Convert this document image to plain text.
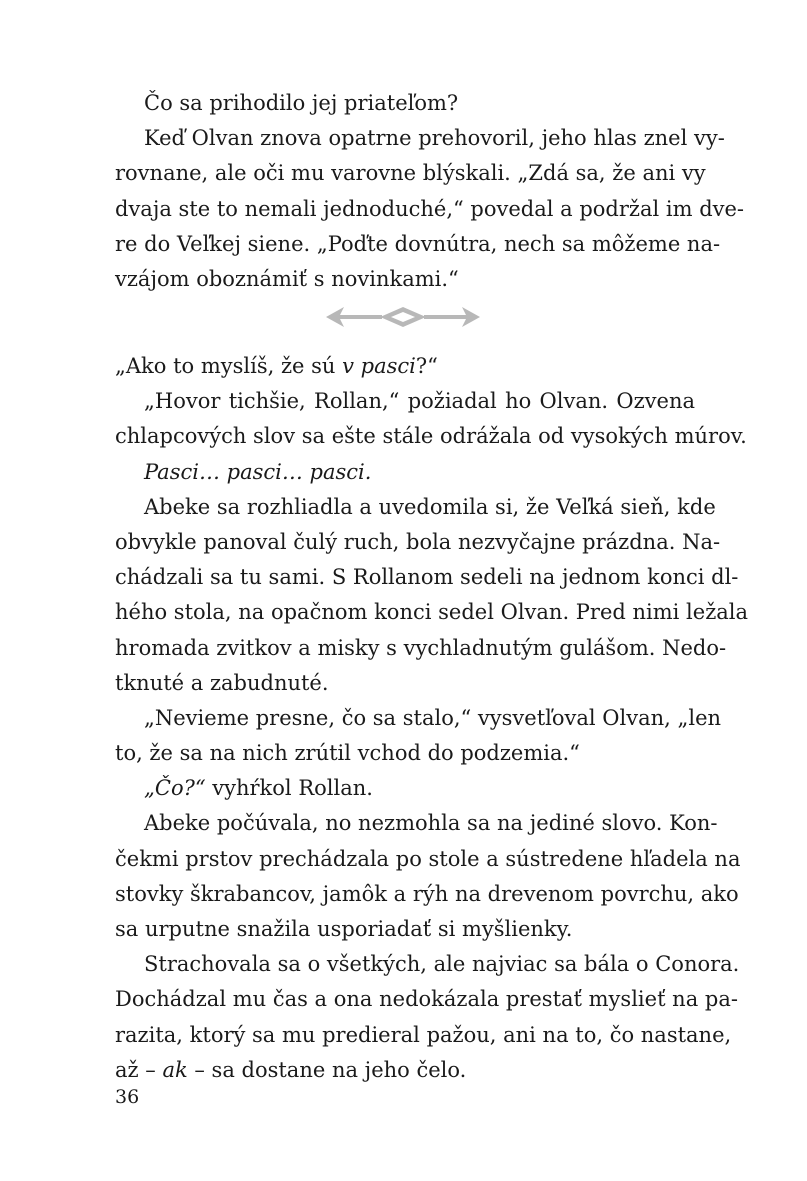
Čo sa prihodilo jej priateľom?
Keď Olvan znova opatrne prehovoril, jeho hlas znel vy-
rovnane, ale oči mu varovne blýskali. „Zdá sa, že ani vy
dvaja ste to nemali jednoduché,“ povedal a podržal im dve-
re do Veľkej siene. „Poďte dovnútra, nech sa môžeme na-
vzájom oboznámiť s novinkami.“
„Ako to myslíš, že sú v pasci?“
„Hovor tichšie, Rollan,“ požiadal ho Olvan. Ozvena
chlapcových slov sa ešte stále odrážala od vysokých múrov.
Pasci… pasci… pasci.
Abeke sa rozhliadla a uvedomila si, že Veľká sieň, kde
obvykle panoval čulý ruch, bola nezvyčajne prázdna. Na-
chádzali sa tu sami. S Rollanom sedeli na jednom konci dl-
hého stola, na opačnom konci sedel Olvan. Pred nimi ležala
hromada zvitkov a misky s vychladnutým gulášom. Nedo-
tknuté a zabudnuté.
„Nevieme presne, čo sa stalo,“ vysvetľoval Olvan, „len
to, že sa na nich zrútil vchod do podzemia.“
„Čo?“ vyhŕkol Rollan.
Abeke počúvala, no nezmohla sa na jediné slovo. Kon-
čekmi prstov prechádzala po stole a sústredene hľadela na
stovky škrabancov, jamôk a rýh na drevenom povrchu, ako
sa urputne snažila usporiadať si myšlienky.
Strachovala sa o všetkých, ale najviac sa bála o Conora.
Dochádzal mu čas a ona nedokázala prestať myslieť na pa-
razita, ktorý sa mu predieral pažou, ani na to, čo nastane,
až – ak – sa dostane na jeho čelo.
36
